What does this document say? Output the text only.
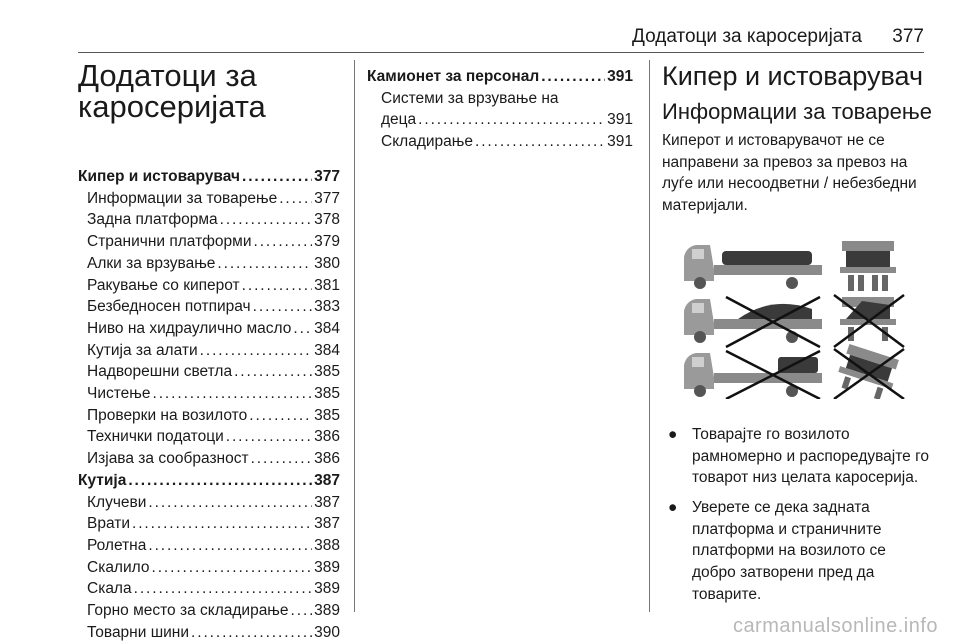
Додатоци за каросеријата 377
Додатоци за
каросеријата
Кипер и истоварувач . . .	377
Информации за товарење . . . 377
Задна платформа . . .	378
Странични платформи . . .	379
Алки за врзување . . .	380
Ракување со киперот . . .	381
Безбедносен потпирач . . .	383
Ниво на хидраулично масло . . . 384
Кутија за алати . . .	384
Надворешни светла . . .	385
Чистење . . .	385
Проверки на возилото . . .	385
Технички податоци . . .	386
Изјава за сообразност . . .	386
Кутија . . .	387
Клучеви . . .	387
Врати . . .	387
Ролетна . . .	388
Скалило . . .	389
Скала . . .	389
Горно место за складирање . . . 389
Товарни шини . . .	390
Камионет за персонал . . .	391
Системи за врзување на
деца . . .	391
Складирање . . .	391
Кипер и истоварувач
Информации за товарење

Киперот и истоварувачот не се направени за превоз за превоз на луѓе или несоодветни / небезбедни материјали.

● Товарајте го возилото рамномерно и распоредувајте го товарот низ целата каросерија.
● Уверете се дека задната платформа и страничните платформи на возилото се добро затворени пред да товарите.
carmanualsonline.info
